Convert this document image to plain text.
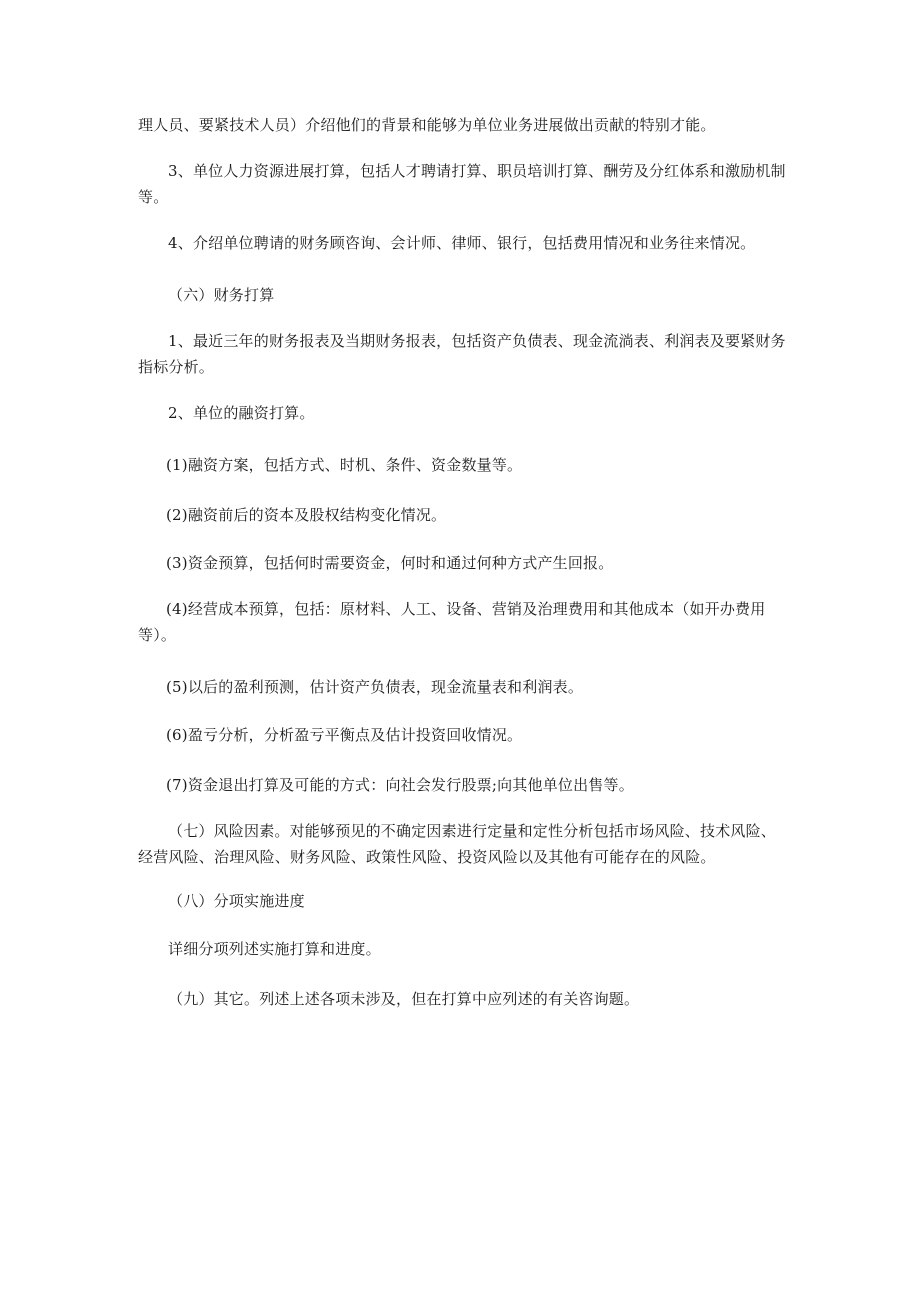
理人员、要紧技术人员）介绍他们的背景和能够为单位业务进展做出贡献的特别才能。

3、单位人力资源进展打算，包括人才聘请打算、职员培训打算、酬劳及分红体系和激励机制等。

4、介绍单位聘请的财务顾咨询、会计师、律师、银行，包括费用情况和业务往来情况。

（六）财务打算

1、最近三年的财务报表及当期财务报表，包括资产负债表、现金流淌表、利润表及要紧财务指标分析。

2、单位的融资打算。

(1)融资方案，包括方式、时机、条件、资金数量等。

(2)融资前后的资本及股权结构变化情况。

(3)资金预算，包括何时需要资金，何时和通过何种方式产生回报。

(4)经营成本预算，包括：原材料、人工、设备、营销及治理费用和其他成本（如开办费用等）。

(5)以后的盈利预测，估计资产负债表，现金流量表和利润表。

(6)盈亏分析，分析盈亏平衡点及估计投资回收情况。

(7)资金退出打算及可能的方式：向社会发行股票;向其他单位出售等。

（七）风险因素。对能够预见的不确定因素进行定量和定性分析包括市场风险、技术风险、经营风险、治理风险、财务风险、政策性风险、投资风险以及其他有可能存在的风险。

（八）分项实施进度

详细分项列述实施打算和进度。

（九）其它。列述上述各项未涉及，但在打算中应列述的有关咨询题。
